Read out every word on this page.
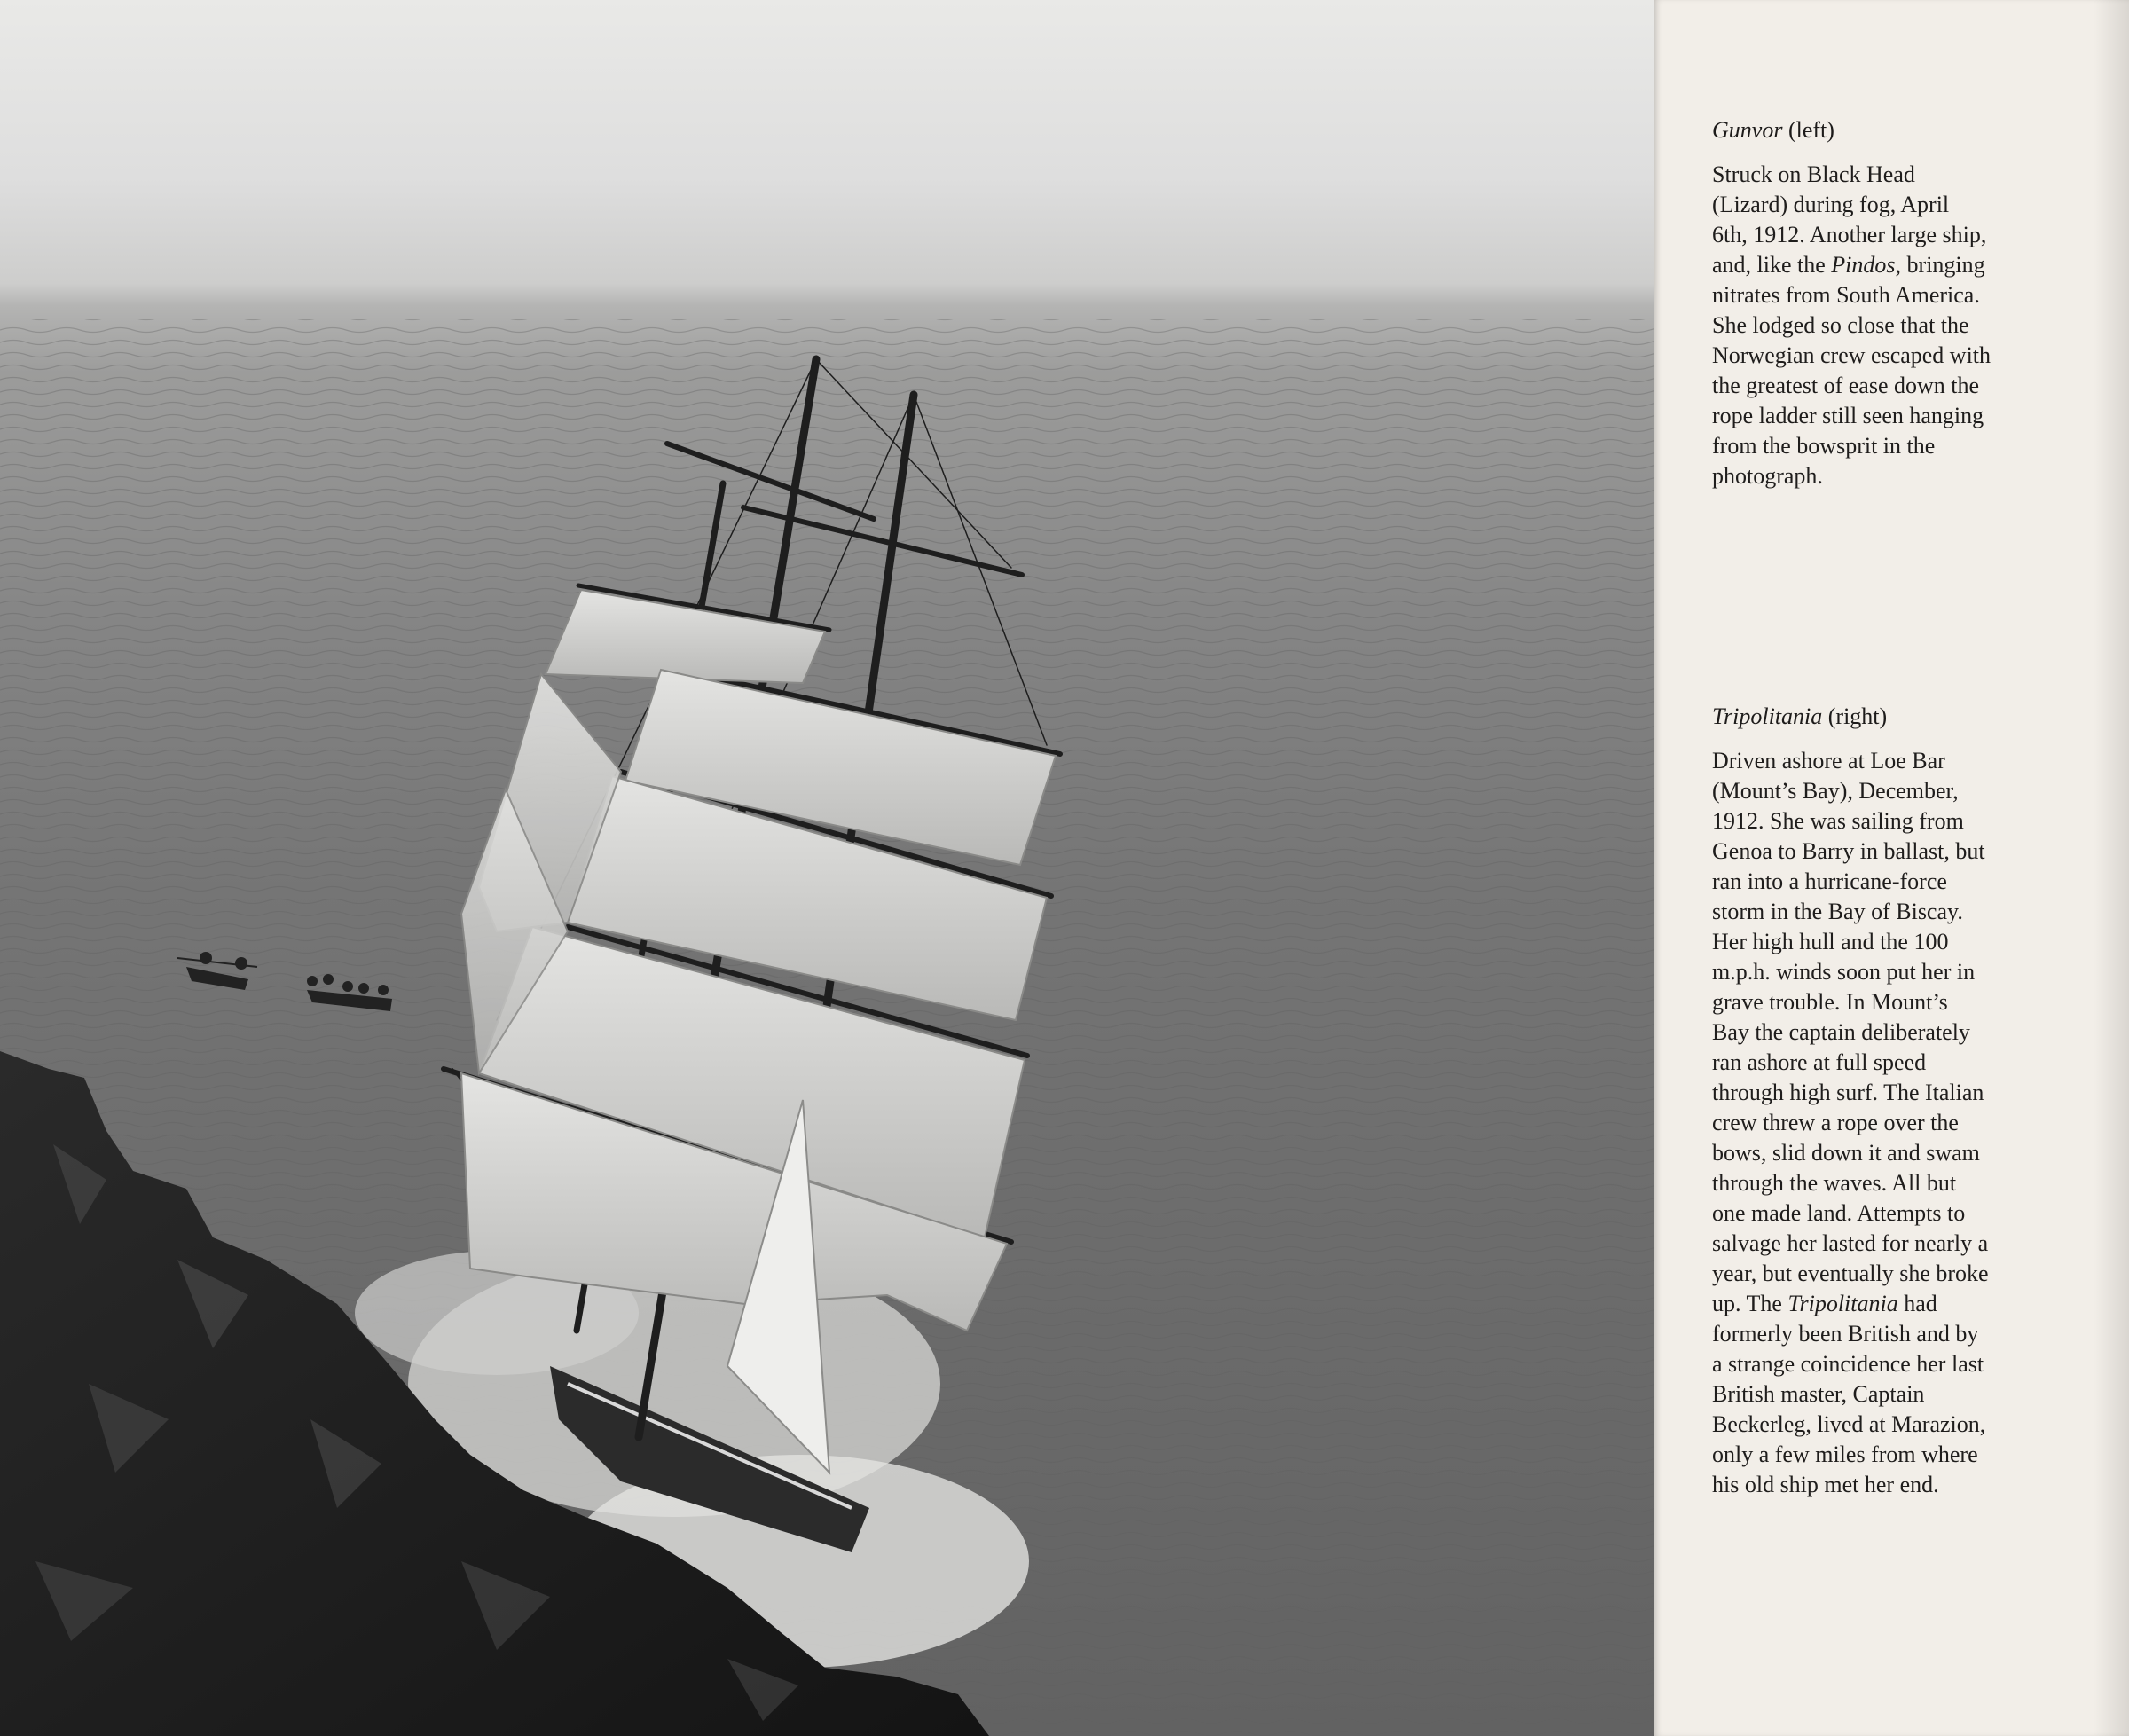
Gunvor (left)

Struck on Black Head
(Lizard) during fog, April
6th, 1912. Another large ship,
and, like the Pindos, bringing
nitrates from South America.
She lodged so close that the
Norwegian crew escaped with
the greatest of ease down the
rope ladder still seen hanging
from the bowsprit in the
photograph.

Tripolitania (right)

Driven ashore at Loe Bar
(Mount’s Bay), December,
1912. She was sailing from
Genoa to Barry in ballast, but
ran into a hurricane-force
storm in the Bay of Biscay.
Her high hull and the 100
m.p.h. winds soon put her in
grave trouble. In Mount’s
Bay the captain deliberately
ran ashore at full speed
through high surf. The Italian
crew threw a rope over the
bows, slid down it and swam
through the waves. All but
one made land. Attempts to
salvage her lasted for nearly a
year, but eventually she broke
up. The Tripolitania had
formerly been British and by
a strange coincidence her last
British master, Captain
Beckerleg, lived at Marazion,
only a few miles from where
his old ship met her end.
